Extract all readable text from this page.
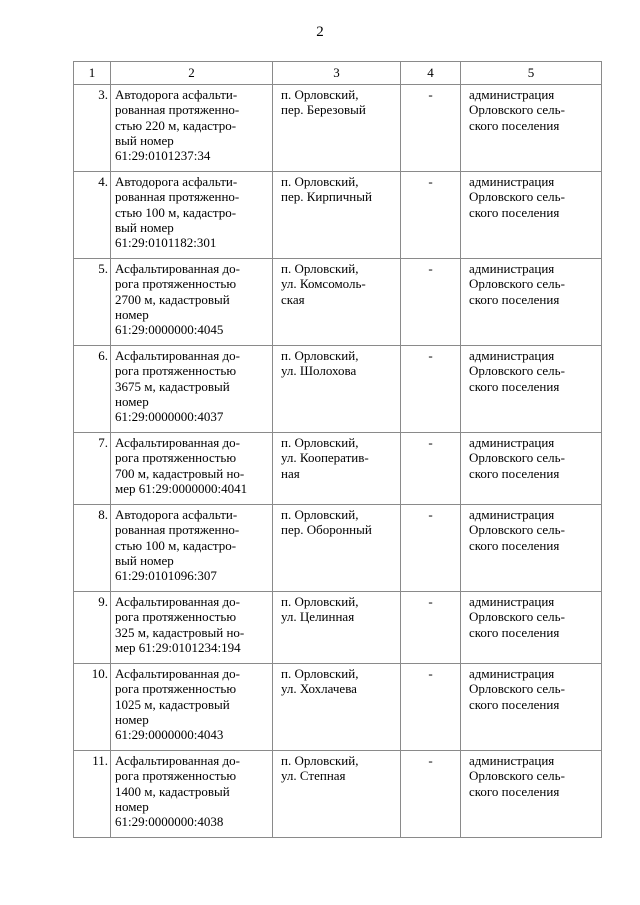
2
1	2	3	4	5
3.	Автодорога асфальти-
рованная протяженно-
стью 220 м, кадастро-
вый номер
61:29:0101237:34	п. Орловский,
пер. Березовый	-	администрация
Орловского сель-
ского поселения
4.	Автодорога асфальти-
рованная протяженно-
стью 100 м, кадастро-
вый номер
61:29:0101182:301	п. Орловский,
пер. Кирпичный	-	администрация
Орловского сель-
ского поселения
5.	Асфальтированная до-
рога протяженностью
2700 м, кадастровый
номер
61:29:0000000:4045	п. Орловский,
ул. Комсомоль-
ская	-	администрация
Орловского сель-
ского поселения
6.	Асфальтированная до-
рога протяженностью
3675 м, кадастровый
номер
61:29:0000000:4037	п. Орловский,
ул. Шолохова	-	администрация
Орловского сель-
ского поселения
7.	Асфальтированная до-
рога протяженностью
700 м, кадастровый но-
мер 61:29:0000000:4041	п. Орловский,
ул. Кооператив-
ная	-	администрация
Орловского сель-
ского поселения
8.	Автодорога асфальти-
рованная протяженно-
стью 100 м, кадастро-
вый номер
61:29:0101096:307	п. Орловский,
пер. Оборонный	-	администрация
Орловского сель-
ского поселения
9.	Асфальтированная до-
рога протяженностью
325 м, кадастровый но-
мер 61:29:0101234:194	п. Орловский,
ул. Целинная	-	администрация
Орловского сель-
ского поселения
10.	Асфальтированная до-
рога протяженностью
1025 м, кадастровый
номер
61:29:0000000:4043	п. Орловский,
ул. Хохлачева	-	администрация
Орловского сель-
ского поселения
11.	Асфальтированная до-
рога протяженностью
1400 м, кадастровый
номер
61:29:0000000:4038	п. Орловский,
ул. Степная	-	администрация
Орловского сель-
ского поселения
